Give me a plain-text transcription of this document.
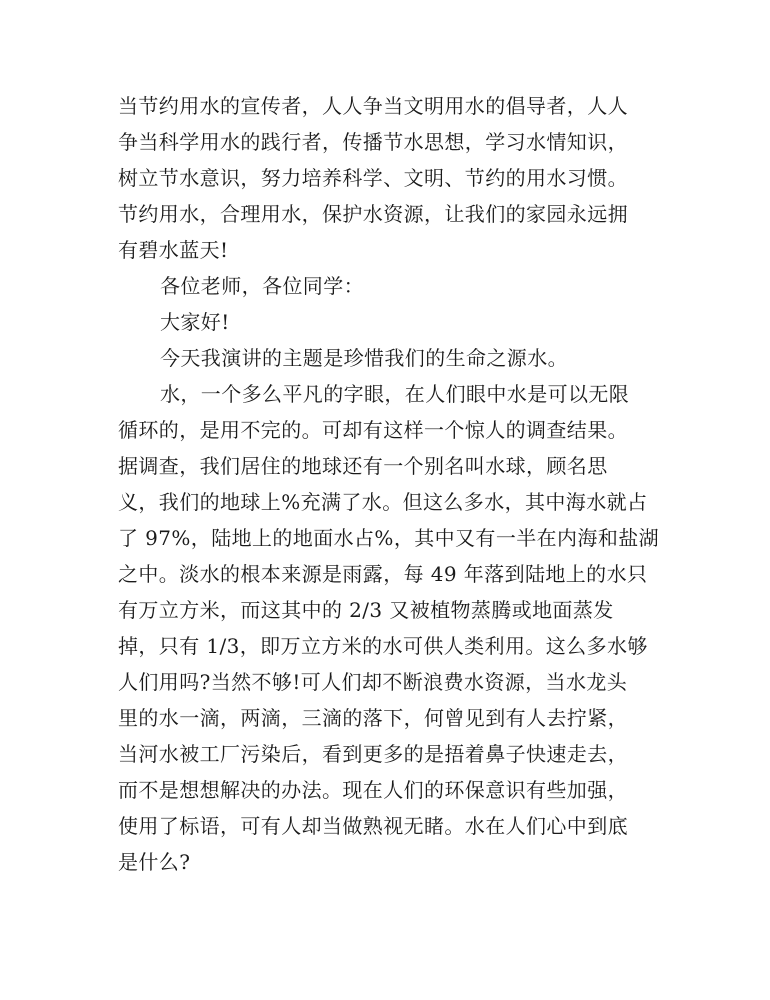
当节约用水的宣传者，人人争当文明用水的倡导者，人人
争当科学用水的践行者，传播节水思想，学习水情知识，
树立节水意识，努力培养科学、文明、节约的用水习惯。
节约用水，合理用水，保护水资源，让我们的家园永远拥
有碧水蓝天!
各位老师，各位同学：
大家好!
今天我演讲的主题是珍惜我们的生命之源水。
水，一个多么平凡的字眼，在人们眼中水是可以无限
循环的，是用不完的。可却有这样一个惊人的调查结果。
据调查，我们居住的地球还有一个别名叫水球，顾名思
义，我们的地球上%充满了水。但这么多水，其中海水就占
了 97%，陆地上的地面水占%，其中又有一半在内海和盐湖
之中。淡水的根本来源是雨露，每 49 年落到陆地上的水只
有万立方米，而这其中的 2/3 又被植物蒸腾或地面蒸发
掉，只有 1/3，即万立方米的水可供人类利用。这么多水够
人们用吗?当然不够!可人们却不断浪费水资源，当水龙头
里的水一滴，两滴，三滴的落下，何曾见到有人去拧紧，
当河水被工厂污染后，看到更多的是捂着鼻子快速走去，
而不是想想解决的办法。现在人们的环保意识有些加强，
使用了标语，可有人却当做熟视无睹。水在人们心中到底
是什么?
